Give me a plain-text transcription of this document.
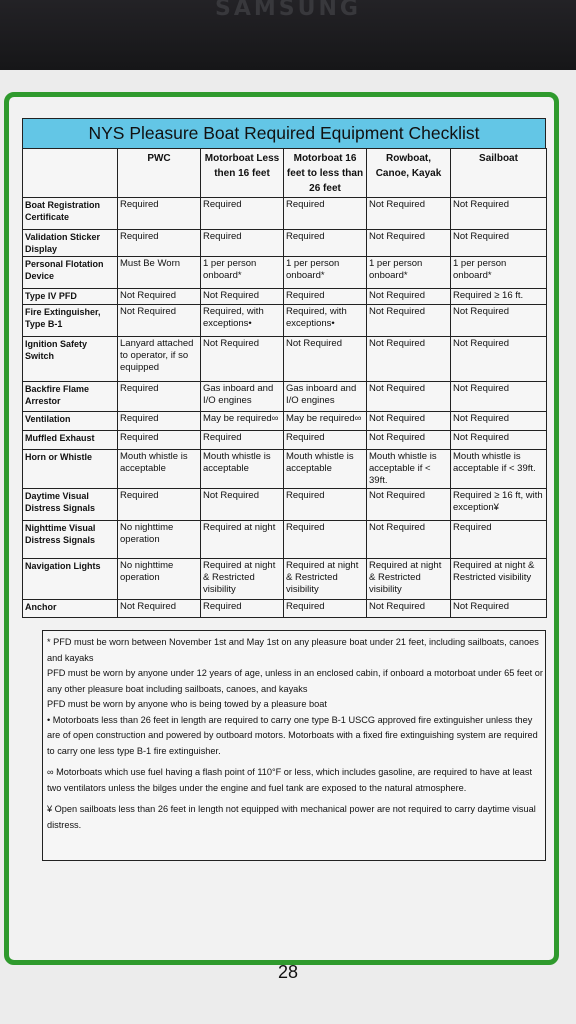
SAMSUNG
NYS Pleasure Boat Required Equipment Checklist
	PWC	Motorboat Less then 16 feet	Motorboat 16 feet to less than 26 feet	Rowboat, Canoe, Kayak	Sailboat
Boat Registration Certificate	Required	Required	Required	Not Required	Not Required
Validation Sticker Display	Required	Required	Required	Not Required	Not Required
Personal Flotation Device	Must Be Worn	1 per person onboard*	1 per person onboard*	1 per person onboard*	1 per person onboard*
Type IV PFD	Not Required	Not Required	Required	Not Required	Required ≥ 16 ft.
Fire Extinguisher, Type B-1	Not Required	Required, with exceptions•	Required, with exceptions•	Not Required	Not Required
Ignition Safety Switch	Lanyard attached to operator, if so equipped	Not Required	Not Required	Not Required	Not Required
Backfire Flame Arrestor	Required	Gas inboard and I/O engines	Gas inboard and I/O engines	Not Required	Not Required
Ventilation	Required	May be required∞	May be required∞	Not Required	Not Required
Muffled Exhaust	Required	Required	Required	Not Required	Not Required
Horn or Whistle	Mouth whistle is acceptable	Mouth whistle is acceptable	Mouth whistle is acceptable	Mouth whistle is acceptable if < 39ft.	Mouth whistle is acceptable if < 39ft.
Daytime Visual Distress Signals	Required	Not Required	Required	Not Required	Required ≥ 16 ft, with exception¥
Nighttime Visual Distress Signals	No nighttime operation	Required at night	Required	Not Required	Required
Navigation Lights	No nighttime operation	Required at night & Restricted visibility	Required at night & Restricted visibility	Required at night & Restricted visibility	Required at night & Restricted visibility
Anchor	Not Required	Required	Required	Not Required	Not Required

* PFD must be worn between November 1st and May 1st on any pleasure boat under 21 feet, including sailboats, canoes and kayaks

PFD must be worn by anyone under 12 years of age, unless in an enclosed cabin, if onboard a motorboat under 65 feet or any other pleasure boat including sailboats, canoes, and kayaks

PFD must be worn by anyone who is being towed by a pleasure boat

• Motorboats less than 26 feet in length are required to carry one type B-1 USCG approved fire extinguisher unless they are of open construction and powered by outboard motors. Motorboats with a fixed fire extinguishing system are required to carry one less type B-1 fire extinguisher.

∞ Motorboats which use fuel having a flash point of 110°F or less, which includes gasoline, are required to have at least two ventilators unless the bilges under the engine and fuel tank are exposed to the natural atmosphere.

¥ Open sailboats less than 26 feet in length not equipped with mechanical power are not required to carry daytime visual distress.

28
